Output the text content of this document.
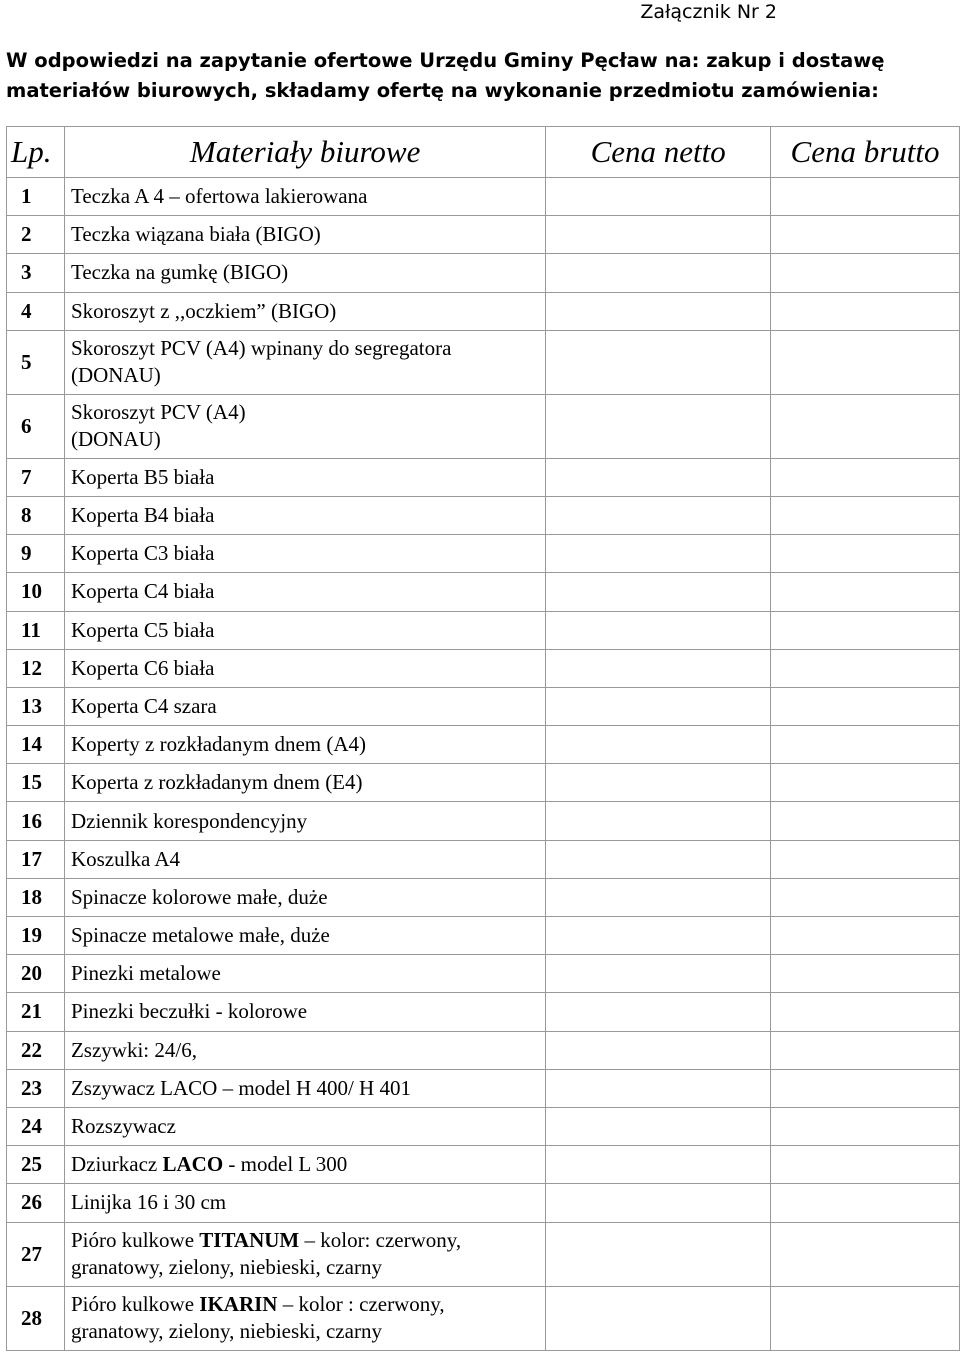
Załącznik Nr 2
W odpowiedzi na zapytanie ofertowe Urzędu Gminy Pęcław na: zakup i dostawę
materiałów biurowych, składamy ofertę na wykonanie przedmiotu zamówienia:
Lp.	Materiały biurowe	Cena netto	Cena brutto
1	Teczka A 4 – ofertowa lakierowana		
2	Teczka wiązana biała (BIGO)		
3	Teczka na gumkę (BIGO)		
4	Skoroszyt z ,,oczkiem” (BIGO)		
5	Skoroszyt PCV (A4) wpinany do segregatora
(DONAU)		

6	Skoroszyt PCV (A4)
(DONAU)		

7	Koperta B5 biała		
8	Koperta B4 biała		
9	Koperta C3 biała		
10	Koperta C4 biała		
11	Koperta C5 biała		
12	Koperta C6 biała		
13	Koperta C4 szara		
14	Koperty z rozkładanym dnem (A4)		
15	Koperta z rozkładanym dnem (E4)		
16	Dziennik korespondencyjny		
17	Koszulka A4		
18	Spinacze kolorowe małe, duże		
19	Spinacze metalowe małe, duże		
20	Pinezki metalowe		
21	Pinezki beczułki - kolorowe		
22	Zszywki: 24/6,		
23	Zszywacz LACO – model H 400/ H 401		
24	Rozszywacz		
25	Dziurkacz LACO - model L 300		
26	Linijka 16 i 30 cm		
27	Pióro kulkowe TITANUM – kolor: czerwony,
granatowy, zielony, niebieski, czarny		

28	Pióro kulkowe IKARIN – kolor : czerwony,
granatowy, zielony, niebieski, czarny		
